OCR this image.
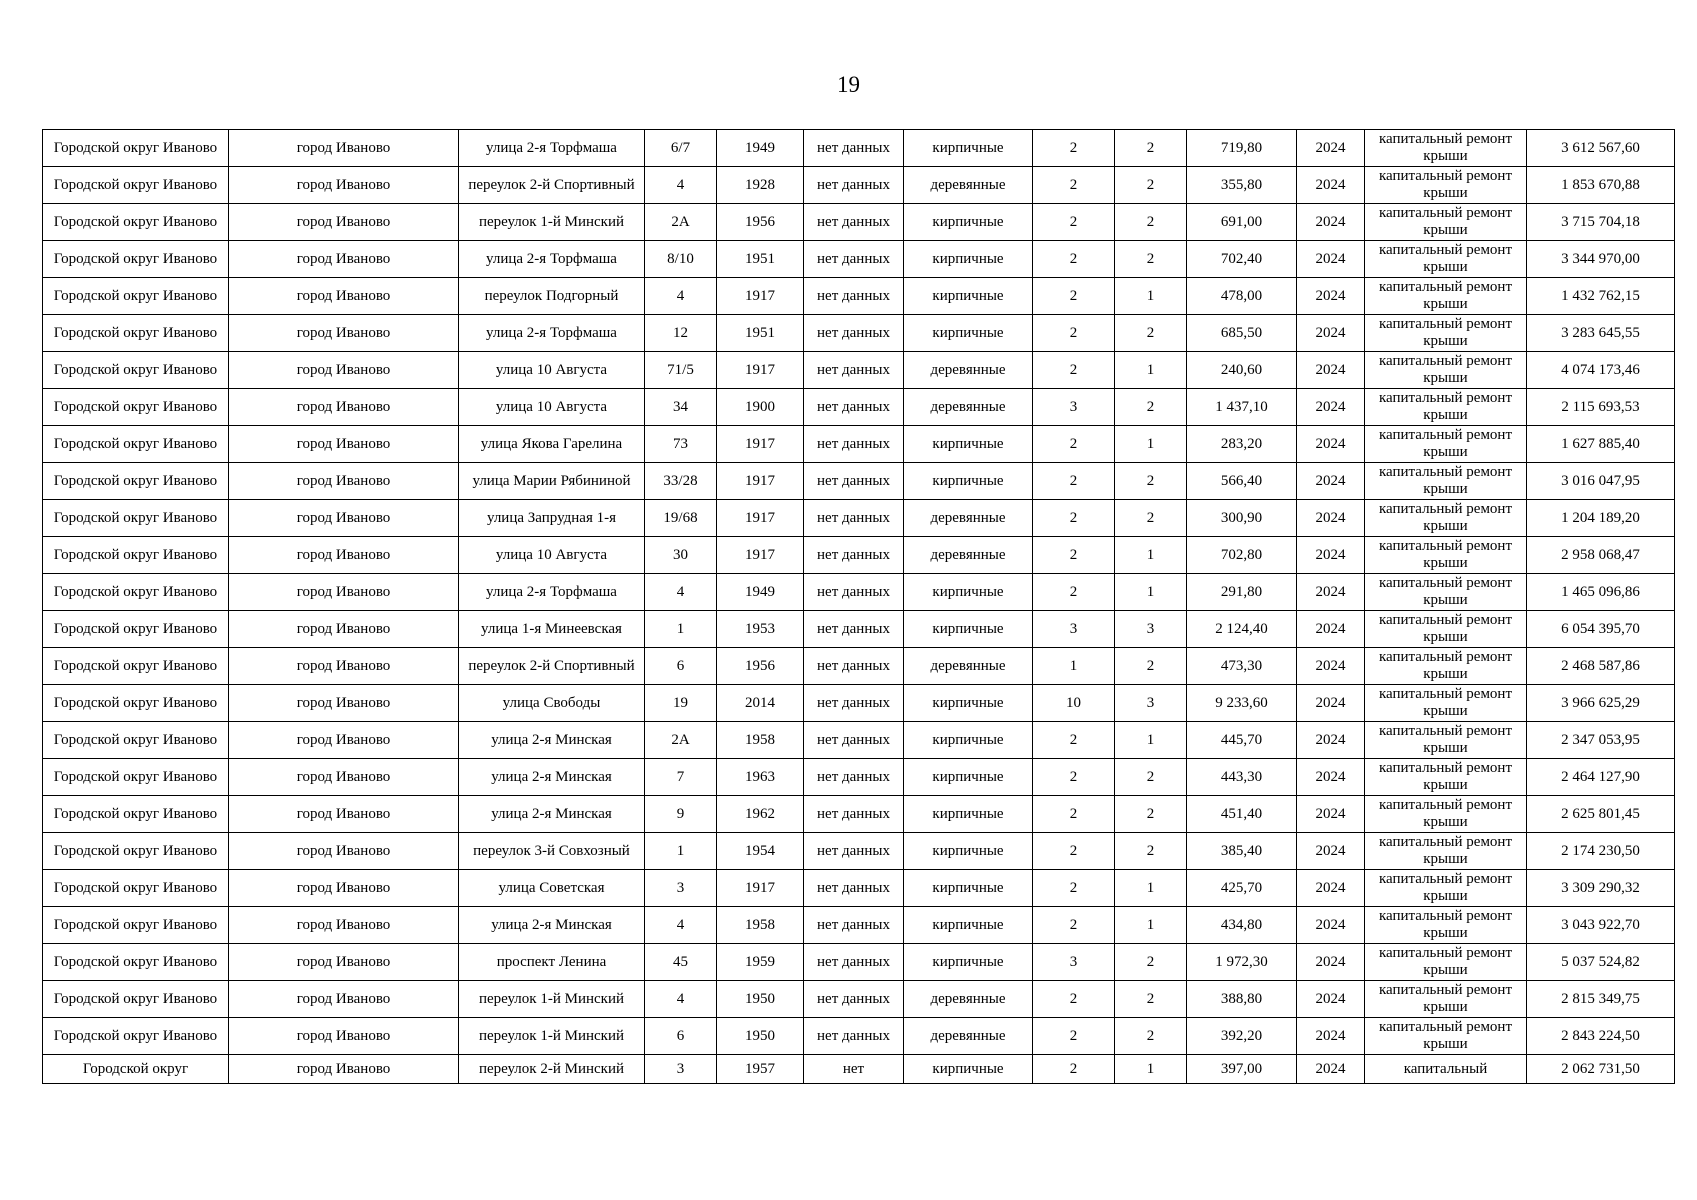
19
Городской округ Иваново	город Иваново	улица 2-я Торфмаша	6/7	1949	нет данных	кирпичные	2	2	719,80	2024	капитальный ремонт крыши	3 612 567,60
Городской округ Иваново	город Иваново	переулок 2-й Спортивный	4	1928	нет данных	деревянные	2	2	355,80	2024	капитальный ремонт крыши	1 853 670,88
Городской округ Иваново	город Иваново	переулок 1-й Минский	2А	1956	нет данных	кирпичные	2	2	691,00	2024	капитальный ремонт крыши	3 715 704,18
Городской округ Иваново	город Иваново	улица 2-я Торфмаша	8/10	1951	нет данных	кирпичные	2	2	702,40	2024	капитальный ремонт крыши	3 344 970,00
Городской округ Иваново	город Иваново	переулок Подгорный	4	1917	нет данных	кирпичные	2	1	478,00	2024	капитальный ремонт крыши	1 432 762,15
Городской округ Иваново	город Иваново	улица 2-я Торфмаша	12	1951	нет данных	кирпичные	2	2	685,50	2024	капитальный ремонт крыши	3 283 645,55
Городской округ Иваново	город Иваново	улица 10 Августа	71/5	1917	нет данных	деревянные	2	1	240,60	2024	капитальный ремонт крыши	4 074 173,46
Городской округ Иваново	город Иваново	улица 10 Августа	34	1900	нет данных	деревянные	3	2	1 437,10	2024	капитальный ремонт крыши	2 115 693,53
Городской округ Иваново	город Иваново	улица Якова Гарелина	73	1917	нет данных	кирпичные	2	1	283,20	2024	капитальный ремонт крыши	1 627 885,40
Городской округ Иваново	город Иваново	улица Марии Рябининой	33/28	1917	нет данных	кирпичные	2	2	566,40	2024	капитальный ремонт крыши	3 016 047,95
Городской округ Иваново	город Иваново	улица Запрудная 1-я	19/68	1917	нет данных	деревянные	2	2	300,90	2024	капитальный ремонт крыши	1 204 189,20
Городской округ Иваново	город Иваново	улица 10 Августа	30	1917	нет данных	деревянные	2	1	702,80	2024	капитальный ремонт крыши	2 958 068,47
Городской округ Иваново	город Иваново	улица 2-я Торфмаша	4	1949	нет данных	кирпичные	2	1	291,80	2024	капитальный ремонт крыши	1 465 096,86
Городской округ Иваново	город Иваново	улица 1-я Минеевская	1	1953	нет данных	кирпичные	3	3	2 124,40	2024	капитальный ремонт крыши	6 054 395,70
Городской округ Иваново	город Иваново	переулок 2-й Спортивный	6	1956	нет данных	деревянные	1	2	473,30	2024	капитальный ремонт крыши	2 468 587,86
Городской округ Иваново	город Иваново	улица Свободы	19	2014	нет данных	кирпичные	10	3	9 233,60	2024	капитальный ремонт крыши	3 966 625,29
Городской округ Иваново	город Иваново	улица 2-я Минская	2А	1958	нет данных	кирпичные	2	1	445,70	2024	капитальный ремонт крыши	2 347 053,95
Городской округ Иваново	город Иваново	улица 2-я Минская	7	1963	нет данных	кирпичные	2	2	443,30	2024	капитальный ремонт крыши	2 464 127,90
Городской округ Иваново	город Иваново	улица 2-я Минская	9	1962	нет данных	кирпичные	2	2	451,40	2024	капитальный ремонт крыши	2 625 801,45
Городской округ Иваново	город Иваново	переулок 3-й Совхозный	1	1954	нет данных	кирпичные	2	2	385,40	2024	капитальный ремонт крыши	2 174 230,50
Городской округ Иваново	город Иваново	улица Советская	3	1917	нет данных	кирпичные	2	1	425,70	2024	капитальный ремонт крыши	3 309 290,32
Городской округ Иваново	город Иваново	улица 2-я Минская	4	1958	нет данных	кирпичные	2	1	434,80	2024	капитальный ремонт крыши	3 043 922,70
Городской округ Иваново	город Иваново	проспект Ленина	45	1959	нет данных	кирпичные	3	2	1 972,30	2024	капитальный ремонт крыши	5 037 524,82
Городской округ Иваново	город Иваново	переулок 1-й Минский	4	1950	нет данных	деревянные	2	2	388,80	2024	капитальный ремонт крыши	2 815 349,75
Городской округ Иваново	город Иваново	переулок 1-й Минский	6	1950	нет данных	деревянные	2	2	392,20	2024	капитальный ремонт крыши	2 843 224,50
Городской округ	город Иваново	переулок 2-й Минский	3	1957	нет	кирпичные	2	1	397,00	2024	капитальный	2 062 731,50
